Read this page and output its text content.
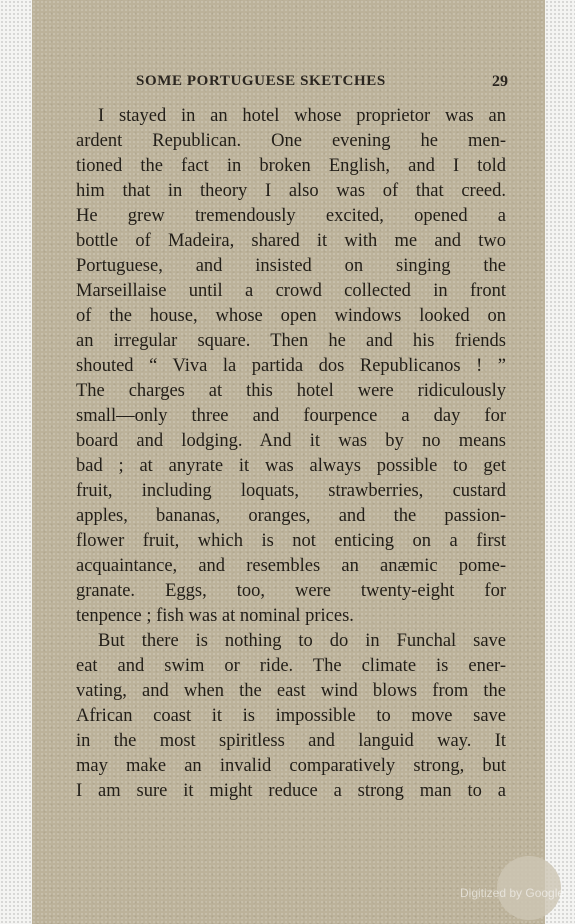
SOME PORTUGUESE SKETCHES	29
I stayed in an hotel whose proprietor was an
ardent Republican. One evening he men-
tioned the fact in broken English, and I told
him that in theory I also was of that creed.
He grew tremendously excited, opened a
bottle of Madeira, shared it with me and two
Portuguese, and insisted on singing the
Marseillaise until a crowd collected in front
of the house, whose open windows looked on
an irregular square. Then he and his friends
shouted “ Viva la partida dos Republicanos ! ”
The charges at this hotel were ridiculously
small—only three and fourpence a day for
board and lodging. And it was by no means
bad ; at anyrate it was always possible to get
fruit, including loquats, strawberries, custard
apples, bananas, oranges, and the passion-
flower fruit, which is not enticing on a first
acquaintance, and resembles an anæmic pome-
granate. Eggs, too, were twenty-eight for
tenpence ; fish was at nominal prices.
But there is nothing to do in Funchal save
eat and swim or ride. The climate is ener-
vating, and when the east wind blows from the
African coast it is impossible to move save
in the most spiritless and languid way. It
may make an invalid comparatively strong, but
I am sure it might reduce a strong man to a
Digitized by Google
